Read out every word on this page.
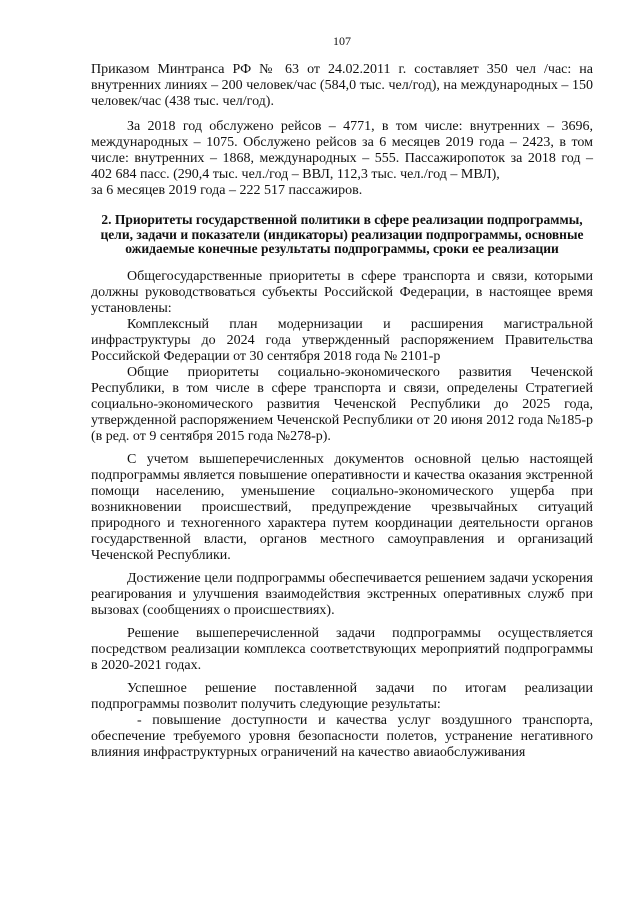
107

Приказом Минтранса РФ № 63 от 24.02.2011 г. составляет 350 чел /час: на внутренних линиях – 200 человек/час (584,0 тыс. чел/год), на международных – 150 человек/час (438 тыс. чел/год).

За 2018 год обслужено рейсов – 4771, в том числе: внутренних – 3696, международных – 1075. Обслужено рейсов за 6 месяцев 2019 года – 2423, в том числе: внутренних – 1868, международных – 555. Пассажиропоток за 2018 год – 402 684 пасс. (290,4 тыс. чел./год – ВВЛ, 112,3 тыс. чел./год – МВЛ),

за 6 месяцев 2019 года – 222 517 пассажиров.

2. Приоритеты государственной политики в сфере реализации подпрограммы, цели, задачи и показатели (индикаторы) реализации подпрограммы, основные ожидаемые конечные результаты подпрограммы, сроки ее реализации

Общегосударственные приоритеты в сфере транспорта и связи, которыми должны руководствоваться субъекты Российской Федерации, в настоящее время установлены:

Комплексный план модернизации и расширения магистральной инфраструктуры до 2024 года утвержденный распоряжением Правительства Российской Федерации от 30 сентября 2018 года № 2101-р

Общие приоритеты социально-экономического развития Чеченской Республики, в том числе в сфере транспорта и связи, определены Стратегией социально-экономического развития Чеченской Республики до 2025 года, утвержденной распоряжением Чеченской Республики от 20 июня 2012 года №185-р (в ред. от 9 сентября 2015 года №278-р).

С учетом вышеперечисленных документов основной целью настоящей подпрограммы является повышение оперативности и качества оказания экстренной помощи населению, уменьшение социально-экономического ущерба при возникновении происшествий, предупреждение чрезвычайных ситуаций природного и техногенного характера путем координации деятельности органов государственной власти, органов местного самоуправления и организаций Чеченской Республики.

Достижение цели подпрограммы обеспечивается решением задачи ускорения реагирования и улучшения взаимодействия экстренных оперативных служб при вызовах (сообщениях о происшествиях).

Решение вышеперечисленной задачи подпрограммы осуществляется посредством реализации комплекса соответствующих мероприятий подпрограммы в 2020-2021 годах.

Успешное решение поставленной задачи по итогам реализации подпрограммы позволит получить следующие результаты:

- повышение доступности и качества услуг воздушного транспорта, обеспечение требуемого уровня безопасности полетов, устранение негативного влияния инфраструктурных ограничений на качество авиаобслуживания
